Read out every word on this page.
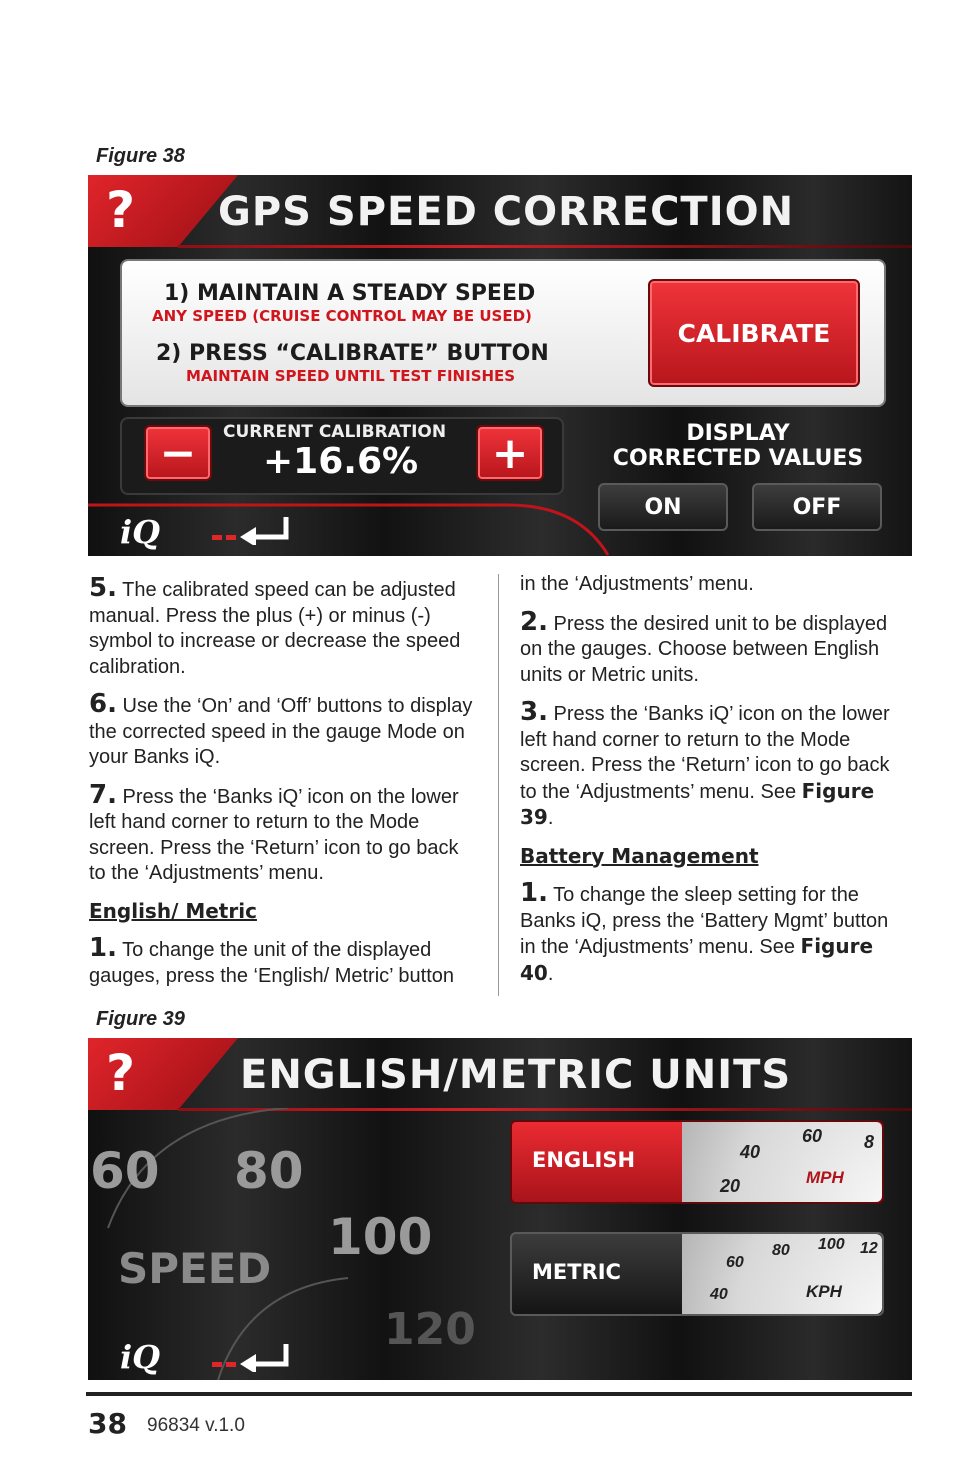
Figure 38
? GPS SPEED CORRECTION
1) MAINTAIN A STEADY SPEED
ANY SPEED (CRUISE CONTROL MAY BE USED)
2) PRESS “CALIBRATE” BUTTON
MAINTAIN SPEED UNTIL TEST FINISHES
CALIBRATE
−	CURRENT CALIBRATION
+16.6%	+	DISPLAY
CORRECTED VALUES
ON	OFF
iQ

5. The calibrated speed can be adjusted manual. Press the plus (+) or minus (-) symbol to increase or decrease the speed calibration.

6. Use the ‘On’ and ‘Off’ buttons to display the corrected speed in the gauge Mode on your Banks iQ.

7. Press the ‘Banks iQ’ icon on the lower left hand corner to return to the Mode screen. Press the ‘Return’ icon to go back to the ‘Adjustments’ menu.

English/ Metric

1. To change the unit of the displayed gauges, press the ‘English/ Metric’ button

in the ‘Adjustments’ menu.

2. Press the desired unit to be displayed on the gauges. Choose between English units or Metric units.

3. Press the ‘Banks iQ’ icon on the lower left hand corner to return to the Mode screen. Press the ‘Return’ icon to go back to the ‘Adjustments’ menu. See Figure 39.

Battery Management

1. To change the sleep setting for the Banks iQ, press the ‘Battery Mgmt’ button in the ‘Adjustments’ menu. See Figure 40.

Figure 39
?	ENGLISH/METRIC UNITS
60 80
100
120
SPEED
ENGLISH	40
60 8
20	MPH
METRIC	60
80 100 12
40	KPH
iQ
38 96834 v.1.0
